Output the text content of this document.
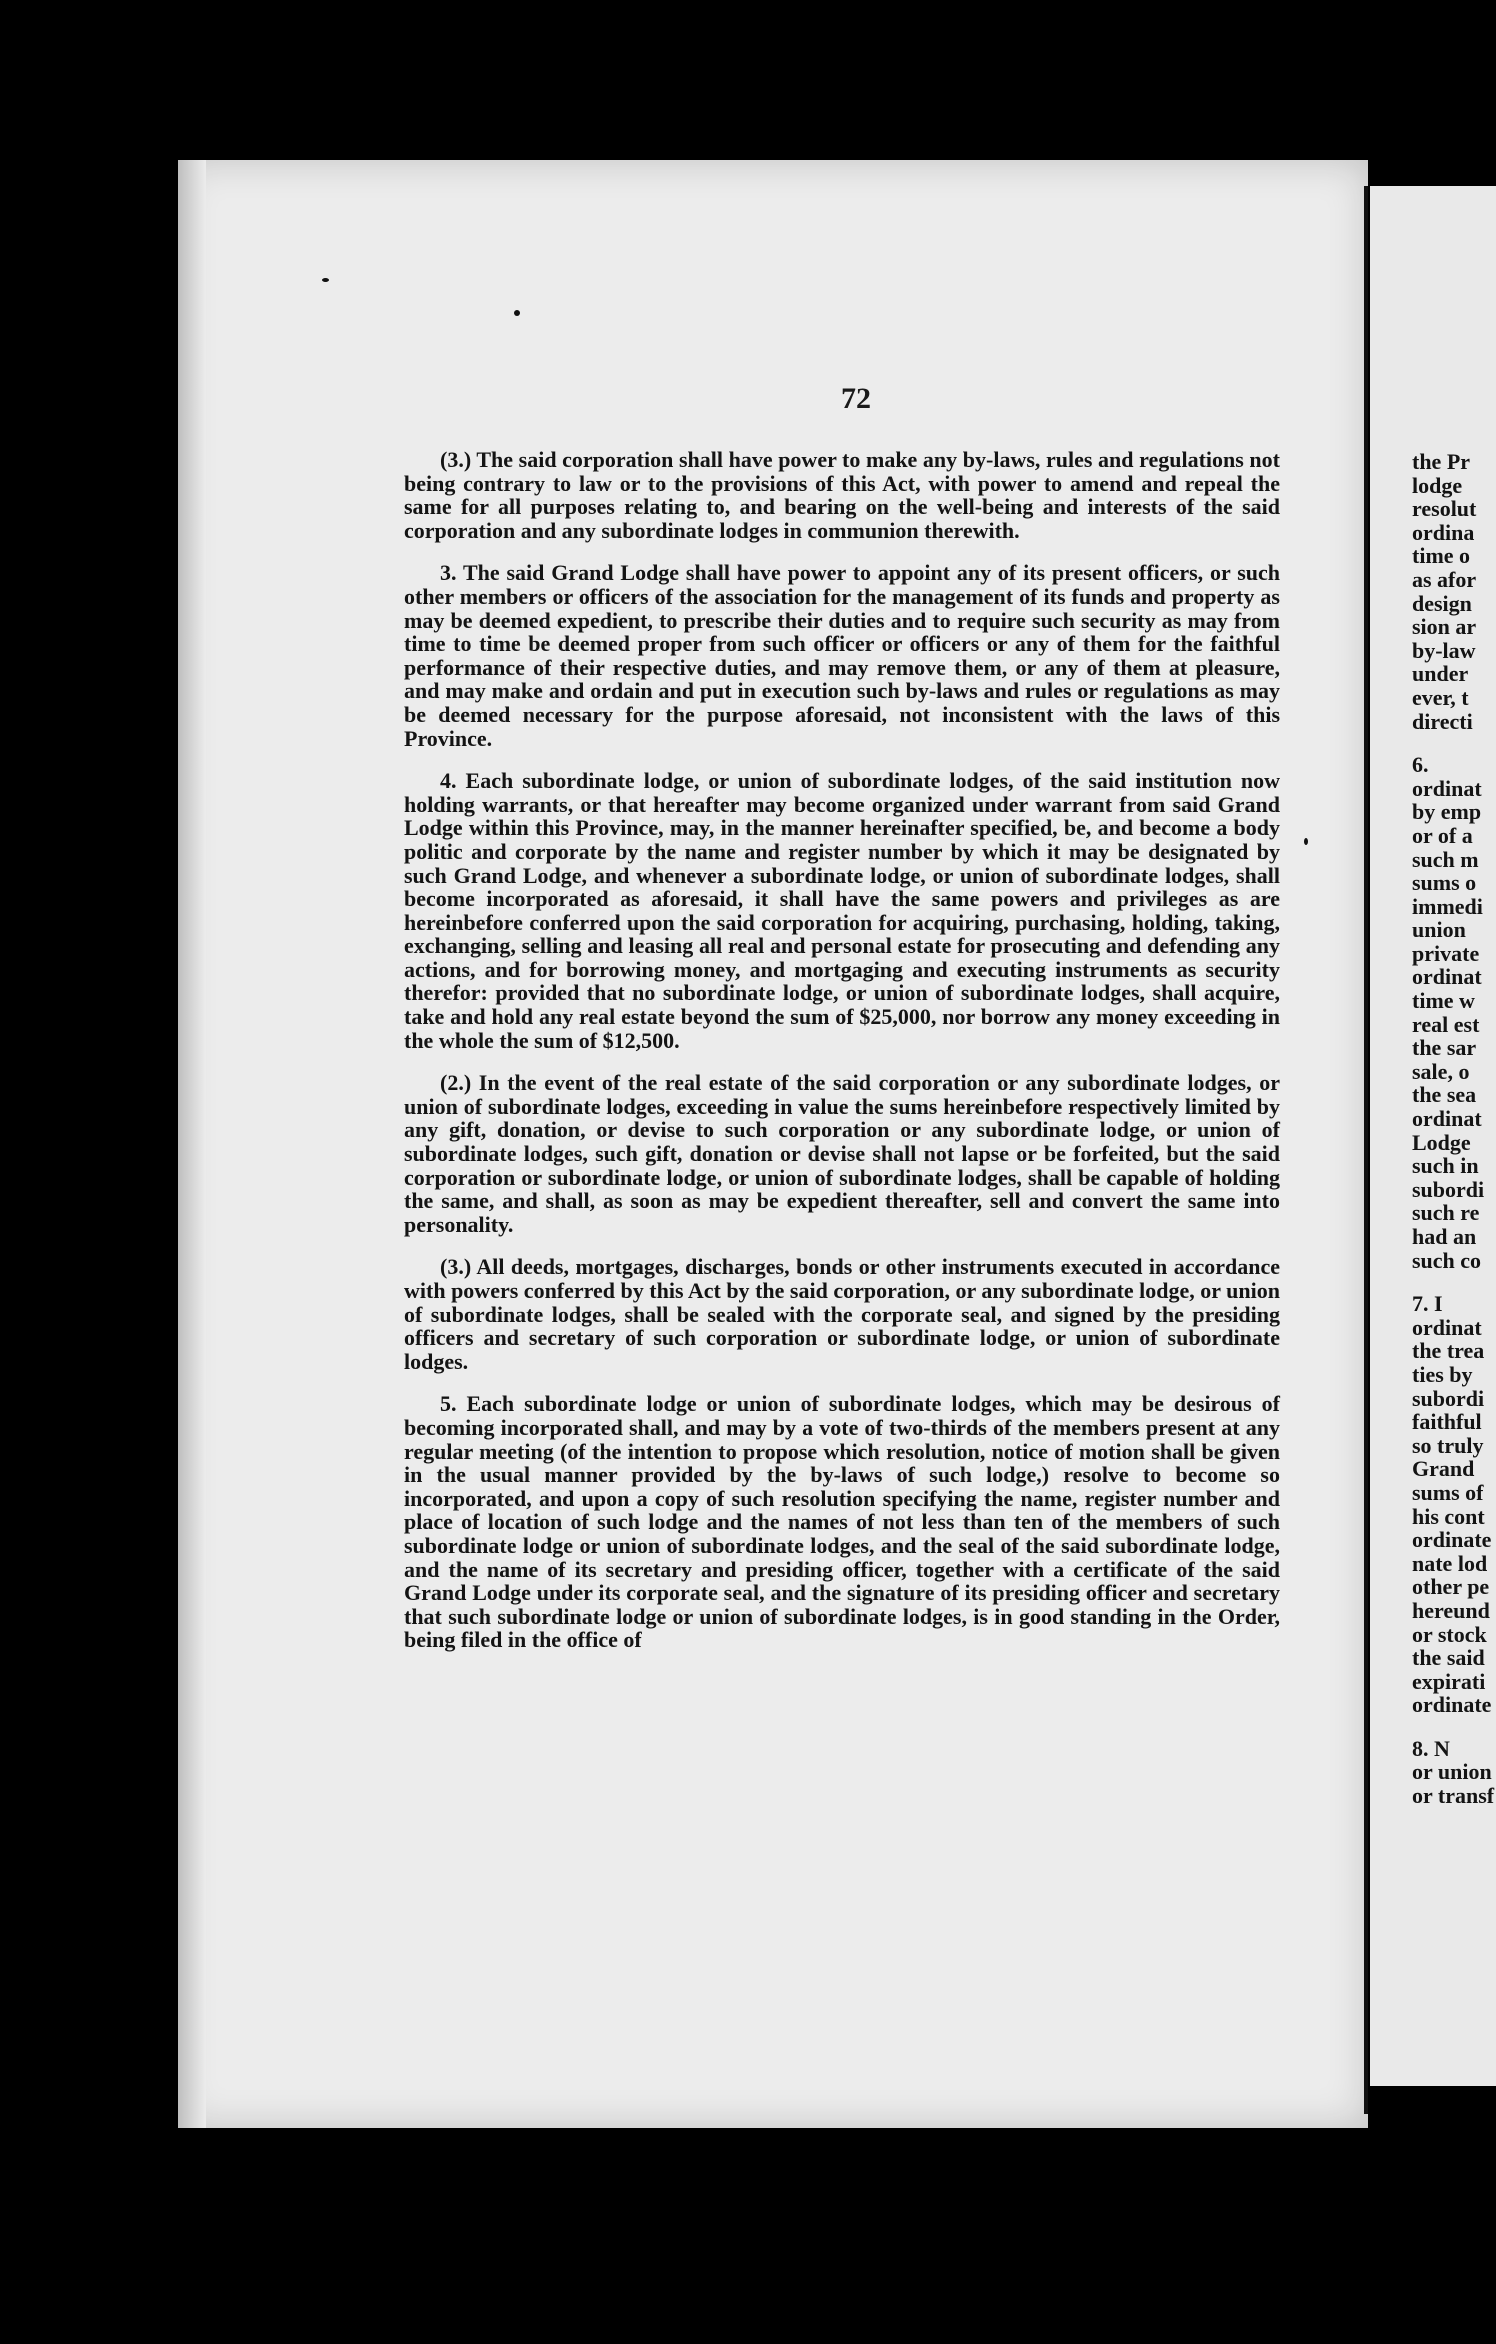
72

(3.) The said corporation shall have power to make any by-laws, rules and regulations not being contrary to law or to the provisions of this Act, with power to amend and repeal the same for all purposes relating to, and bearing on the well-being and interests of the said corporation and any subordinate lodges in communion therewith.

3. The said Grand Lodge shall have power to appoint any of its present officers, or such other members or officers of the association for the management of its funds and property as may be deemed expedient, to prescribe their duties and to require such security as may from time to time be deemed proper from such officer or officers or any of them for the faithful performance of their respective duties, and may remove them, or any of them at pleasure, and may make and ordain and put in execution such by-laws and rules or regulations as may be deemed necessary for the purpose aforesaid, not inconsistent with the laws of this Province.

4. Each subordinate lodge, or union of subordinate lodges, of the said institution now holding warrants, or that hereafter may become organized under warrant from said Grand Lodge within this Province, may, in the manner hereinafter specified, be, and become a body politic and corporate by the name and register number by which it may be designated by such Grand Lodge, and whenever a subordinate lodge, or union of subordinate lodges, shall become incorporated as aforesaid, it shall have the same powers and privileges as are hereinbefore conferred upon the said corporation for acquiring, purchasing, holding, taking, exchanging, selling and leasing all real and personal estate for prosecuting and defending any actions, and for borrowing money, and mortgaging and executing instruments as security therefor: provided that no subordinate lodge, or union of subordinate lodges, shall acquire, take and hold any real estate beyond the sum of $25,000, nor borrow any money exceeding in the whole the sum of $12,500.

(2.) In the event of the real estate of the said corporation or any subordinate lodges, or union of subordinate lodges, exceeding in value the sums hereinbefore respectively limited by any gift, donation, or devise to such corporation or any subordinate lodge, or union of subordinate lodges, such gift, donation or devise shall not lapse or be forfeited, but the said corporation or subordinate lodge, or union of subordinate lodges, shall be capable of holding the same, and shall, as soon as may be expedient thereafter, sell and convert the same into personality.

(3.) All deeds, mortgages, discharges, bonds or other instruments executed in accordance with powers conferred by this Act by the said corporation, or any subordinate lodge, or union of subordinate lodges, shall be sealed with the corporate seal, and signed by the presiding officers and secretary of such corporation or subordinate lodge, or union of subordinate lodges.

5. Each subordinate lodge or union of subordinate lodges, which may be desirous of becoming incorporated shall, and may by a vote of two-thirds of the members present at any regular meeting (of the intention to propose which resolution, notice of motion shall be given in the usual manner provided by the by-laws of such lodge,) resolve to become so incorporated, and upon a copy of such resolution specifying the name, register number and place of location of such lodge and the names of not less than ten of the members of such subordinate lodge or union of subordinate lodges, and the seal of the said subordinate lodge, and the name of its secretary and presiding officer, together with a certificate of the said Grand Lodge under its corporate seal, and the signature of its presiding officer and secretary that such subordinate lodge or union of subordinate lodges, is in good standing in the Order, being filed in the office of

the Pr
lodge
resolut
ordina
time o
as afor
design
sion ar
by-law
under
ever, t
directi
6.
ordinat
by emp
or of a
such m
sums o
immedi
union
private
ordinat
time w
real est
the sar
sale, o
the sea
ordinat
Lodge
such in
subordi
such re
had an
such co
7. I
ordinat
the trea
ties by
subordi
faithful
so truly
Grand
sums of
his cont
ordinate
nate lod
other pe
hereund
or stock
the said
expirati
ordinate
8. N
or union
or transf
